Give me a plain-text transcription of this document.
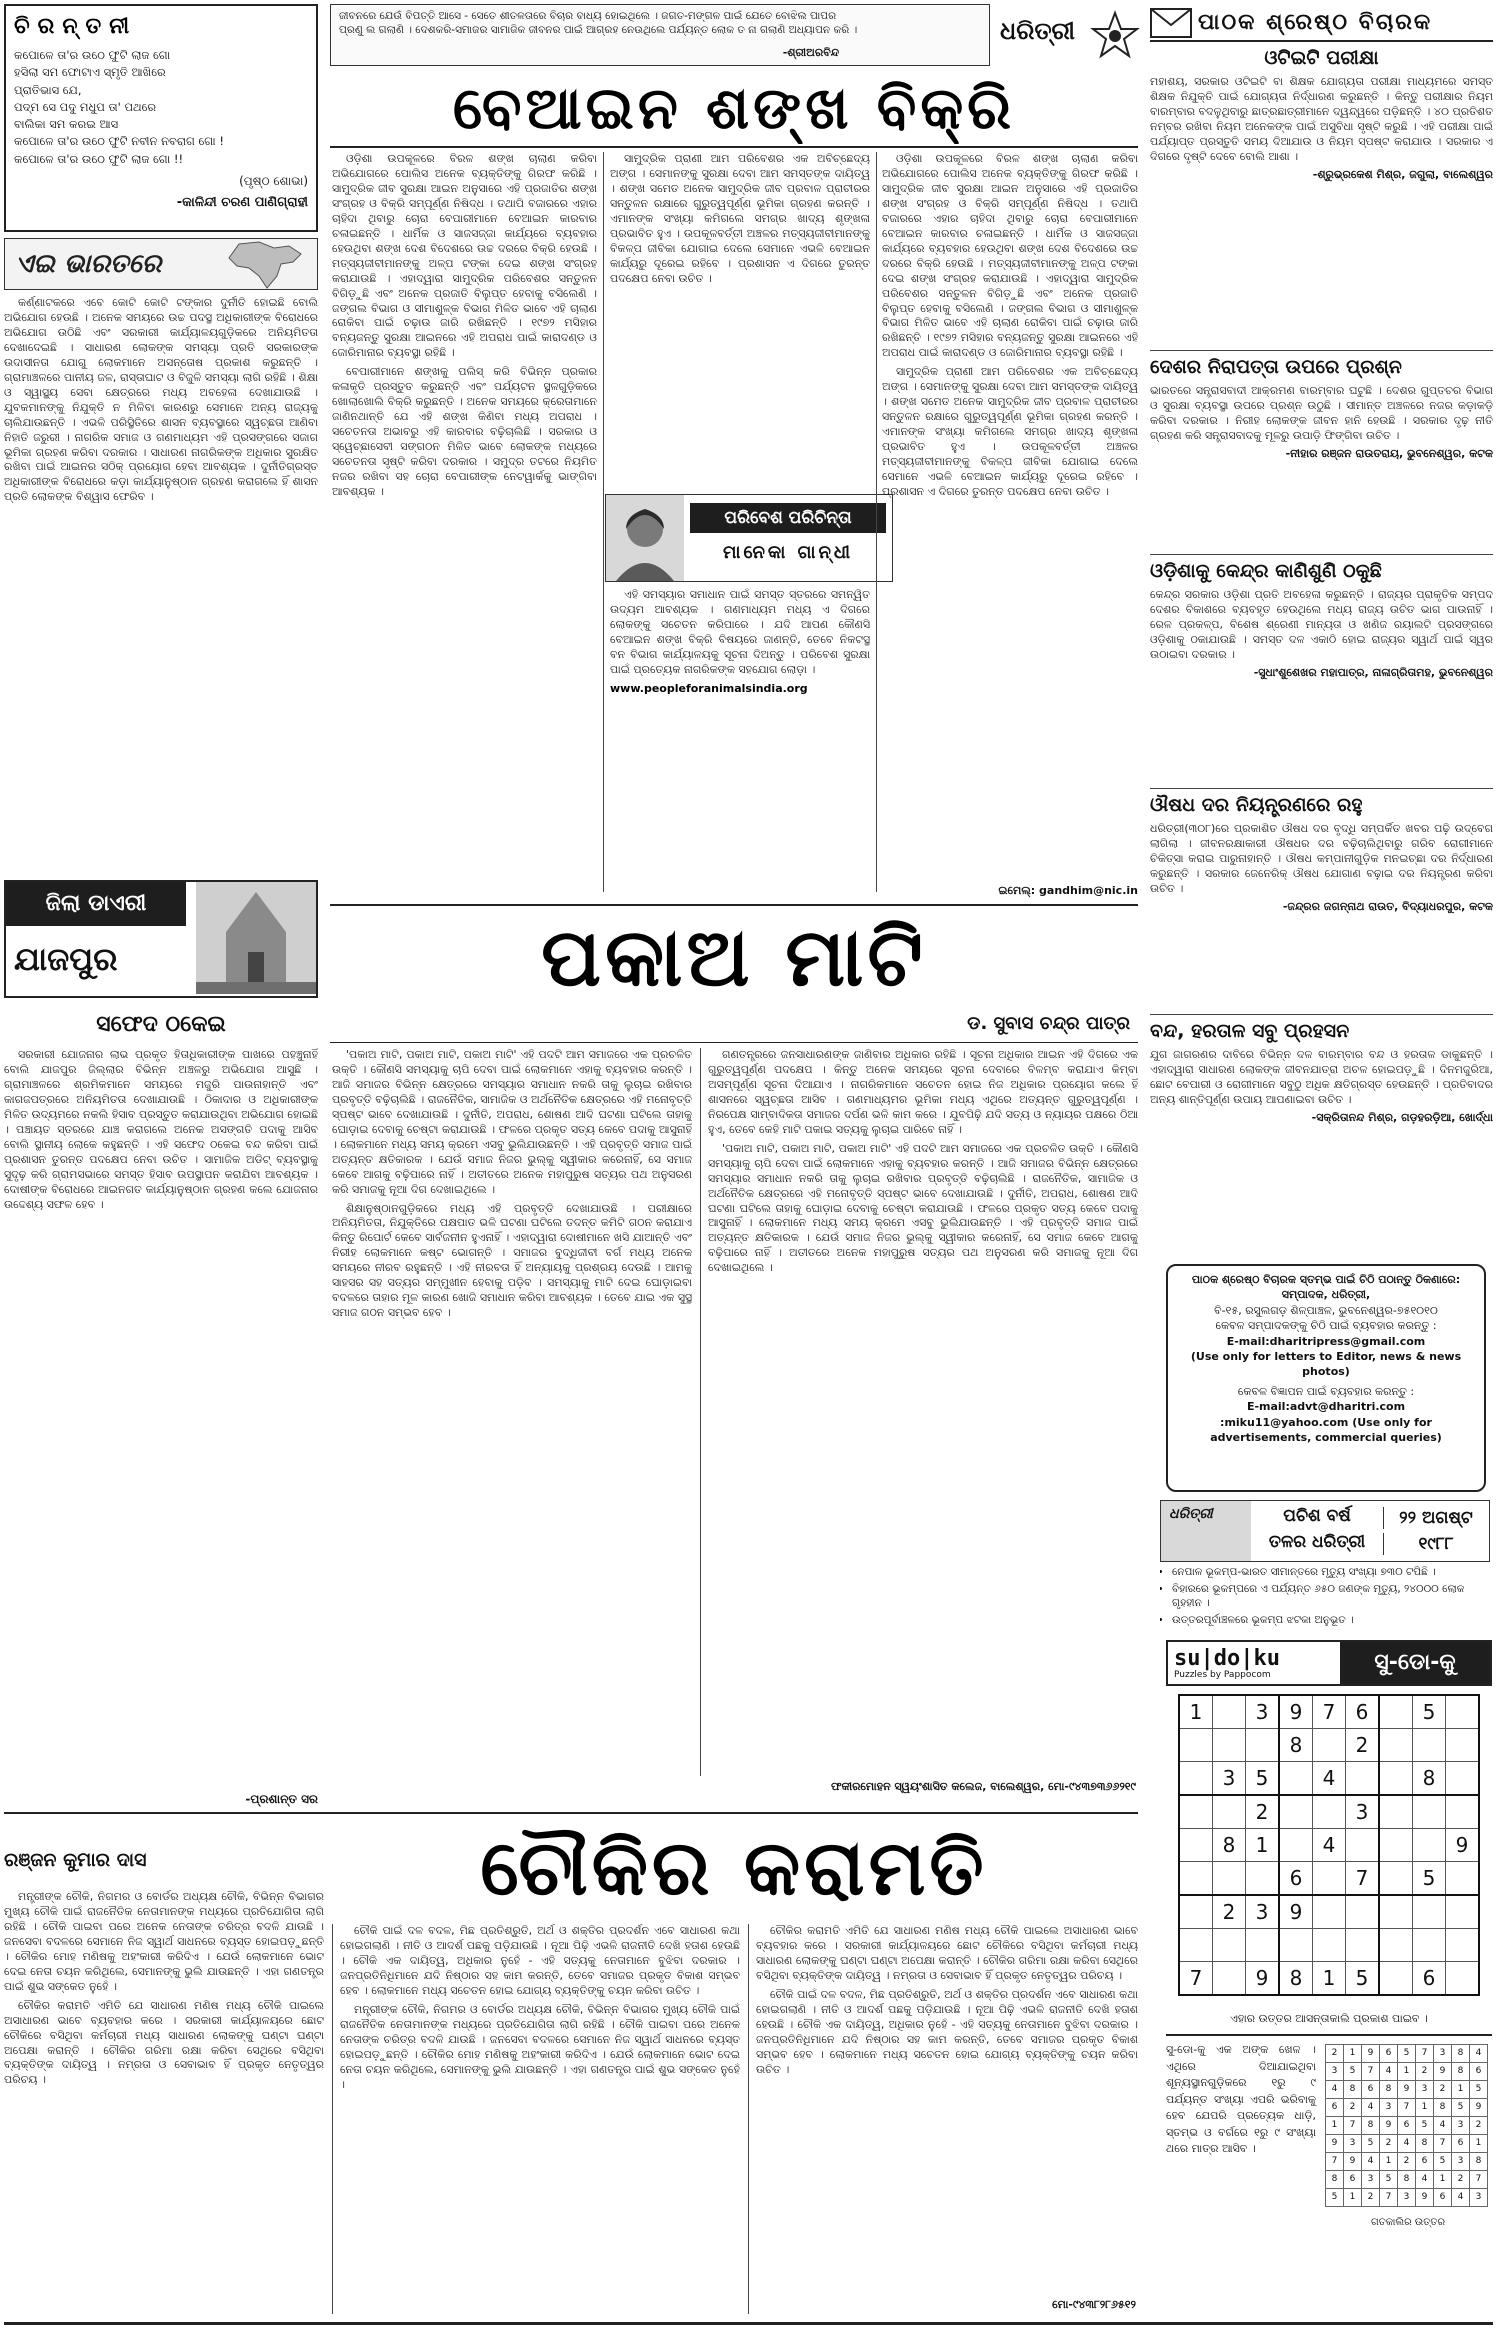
ଚିରନ୍ତନୀ
କପୋଳେ ତା'ର ଉଠେ ଫୁଟି ଲାଜ ଗୋ
ହସିଲା ସମ ଫୋଟାଏ ସ୍ମୃତି ଆଖିରେ
ପ୍ରାତିଭାସ ଯେ,
ପଦ୍ମ ସେ ପଦୁ ମଧୁପ ତା' ପଥରେ
ବାଲିକା ସମ କରଇ ଆସ
କପୋଳେ ତା'ର ଉଠେ ଫୁଟି ନବୀନ ନବରାଗ ଗୋ !
କପୋଳେ ତା'ର ଉଠେ ଫୁଟି ଲାଜ ଗୋ !!
(ପୃଷ୍ଠ ଶୋଭା)
-କାଳିନ୍ଦୀ ଚରଣ ପାଣିଗ୍ରାହୀ
ଏଇ ଭାରତରେ

କର୍ଣ୍ଣାଟକରେ ଏବେ କୋଟି କୋଟି ଟଙ୍କାର ଦୁର୍ନୀତି ହୋଇଛି ବୋଲି ଅଭିଯୋଗ ହେଉଛି । ଅନେକ ସମୟରେ ଉଚ୍ଚ ପଦସ୍ଥ ଅଧିକାରୀଙ୍କ ବିରୋଧରେ ଅଭିଯୋଗ ଉଠିଛି ଏବଂ ସରକାରୀ କାର୍ଯ୍ୟାଳୟଗୁଡ଼ିକରେ ଅନିୟମିତତା ଦେଖାଦେଇଛି । ସାଧାରଣ ଲୋକଙ୍କ ସମସ୍ୟା ପ୍ରତି ସରକାରଙ୍କ ଉଦାସୀନତା ଯୋଗୁ ଲୋକମାନେ ଅସନ୍ତୋଷ ପ୍ରକାଶ କରୁଛନ୍ତି । ଗ୍ରାମାଞ୍ଚଳରେ ପାନୀୟ ଜଳ, ରାସ୍ତାଘାଟ ଓ ବିଜୁଳି ସମସ୍ୟା ଲାଗି ରହିଛି । ଶିକ୍ଷା ଓ ସ୍ୱାସ୍ଥ୍ୟ ସେବା କ୍ଷେତ୍ରରେ ମଧ୍ୟ ଅବହେଳା ଦେଖାଯାଉଛି । ଯୁବକମାନଙ୍କୁ ନିଯୁକ୍ତି ନ ମିଳିବା କାରଣରୁ ସେମାନେ ଅନ୍ୟ ରାଜ୍ୟକୁ ଚାଲିଯାଉଛନ୍ତି । ଏଭଳି ପରିସ୍ଥିତିରେ ଶାସନ ବ୍ୟବସ୍ଥାରେ ସ୍ୱଚ୍ଛତା ଆଣିବା ନିହାତି ଜରୁରୀ । ନାଗରିକ ସମାଜ ଓ ଗଣମାଧ୍ୟମ ଏହି ପ୍ରସଙ୍ଗରେ ସଜାଗ ଭୂମିକା ଗ୍ରହଣ କରିବା ଦରକାର । ସାଧାରଣ ନାଗରିକଙ୍କ ଅଧିକାର ସୁରକ୍ଷିତ ରଖିବା ପାଇଁ ଆଇନର ସଠିକ୍ ପ୍ରୟୋଗ ହେବା ଆବଶ୍ୟକ । ଦୁର୍ନୀତିଗ୍ରସ୍ତ ଅଧିକାରୀଙ୍କ ବିରୋଧରେ କଡ଼ା କାର୍ଯ୍ୟାନୁଷ୍ଠାନ ଗ୍ରହଣ କରାଗଲେ ହିଁ ଶାସନ ପ୍ରତି ଲୋକଙ୍କ ବିଶ୍ୱାସ ଫେରିବ ।

ଜିଲା ଡାଏରୀ
ଯାଜପୁର
ସଫେଦ ଠକେଇ

ସରକାରୀ ଯୋଜନାର ଲାଭ ପ୍ରକୃତ ହିତାଧିକାରୀଙ୍କ ପାଖରେ ପହଞ୍ଚୁନାହିଁ ବୋଲି ଯାଜପୁର ଜିଲ୍ଲାର ବିଭିନ୍ନ ଅଞ୍ଚଳରୁ ଅଭିଯୋଗ ଆସୁଛି । ଗ୍ରାମାଞ୍ଚଳରେ ଶ୍ରମିକମାନେ ସମୟରେ ମଜୁରି ପାଉନାହାନ୍ତି ଏବଂ କାଗଜପତ୍ରରେ ଅନିୟମିତତା ଦେଖାଯାଉଛି । ଠିକାଦାର ଓ ଅଧିକାରୀଙ୍କ ମିଳିତ ଉଦ୍ୟମରେ ନକଲି ହିସାବ ପ୍ରସ୍ତୁତ କରାଯାଉଥିବା ଅଭିଯୋଗ ହୋଇଛି । ପଞ୍ଚାୟତ ସ୍ତରରେ ଯାଞ୍ଚ କରାଗଲେ ଅନେକ ଅସଙ୍ଗତି ପଦାକୁ ଆସିବ ବୋଲି ସ୍ଥାନୀୟ ଲୋକେ କହୁଛନ୍ତି । ଏହି ସଫେଦ ଠକେଇ ବନ୍ଦ କରିବା ପାଇଁ ପ୍ରଶାସନ ତୁରନ୍ତ ପଦକ୍ଷେପ ନେବା ଉଚିତ । ସାମାଜିକ ଅଡିଟ୍ ବ୍ୟବସ୍ଥାକୁ ସୁଦୃଢ଼ କରି ଗ୍ରାମସଭାରେ ସମସ୍ତ ହିସାବ ଉପସ୍ଥାପନ କରାଯିବା ଆବଶ୍ୟକ । ଦୋଷୀଙ୍କ ବିରୋଧରେ ଆଇନଗତ କାର୍ଯ୍ୟାନୁଷ୍ଠାନ ଗ୍ରହଣ କଲେ ଯୋଜନାର ଉଦ୍ଦେଶ୍ୟ ସଫଳ ହେବ ।

-ପ୍ରଶାନ୍ତ ସର
ଜୀବନରେ ଯେଉଁ ବିପତ୍ତି ଆସେ - ସେତେ ଶୀତଳତାରେ ବିଚାର ବାଧ୍ୟ ହୋଇଥିଲେ । ଜଗତ-ମଙ୍ଗଳ ପାଇଁ ଯେତେ ବୋଝିଲ ପାପର ପ୍ରଣୁ ଲ ଗଲାଣି । ଦେଶକରି-ସମାଜର ସାମାଜିକ ଜୀବନର ପାଇଁ ଆଗ୍ରହ ନେଉଥିଲେ ପର୍ଯ୍ୟନ୍ତ ଲୋକ ତ ନା ଗଲାଣି ଅଧ୍ୟାପନ କରି ।
-ଶ୍ରୀଅରବିନ୍ଦ
ଧରିତ୍ରୀ
ବେଆଇନ ଶଙ୍ଖ ବିକ୍ରି

ଓଡ଼ିଶା ଉପକୂଳରେ ବିରଳ ଶଙ୍ଖ ଚାଲାଣ କରିବା ଅଭିଯୋଗରେ ପୋଲିସ ଅନେକ ବ୍ୟକ୍ତିଙ୍କୁ ଗିରଫ କରିଛି । ସାମୁଦ୍ରିକ ଜୀବ ସୁରକ୍ଷା ଆଇନ ଅନୁସାରେ ଏହି ପ୍ରଜାତିର ଶଙ୍ଖ ସଂଗ୍ରହ ଓ ବିକ୍ରି ସମ୍ପୂର୍ଣ୍ଣ ନିଷିଦ୍ଧ । ତଥାପି ବଜାରରେ ଏହାର ଚାହିଦା ଥିବାରୁ ଚୋରା ବେପାରୀମାନେ ବେଆଇନ କାରବାର ଚଳାଇଛନ୍ତି । ଧାର୍ମିକ ଓ ସାଜସଜ୍ଜା କାର୍ଯ୍ୟରେ ବ୍ୟବହାର ହେଉଥିବା ଶଙ୍ଖ ଦେଶ ବିଦେଶରେ ଉଚ୍ଚ ଦରରେ ବିକ୍ରି ହେଉଛି । ମତ୍ସ୍ୟଜୀବୀମାନଙ୍କୁ ଅଳ୍ପ ଟଙ୍କା ଦେଇ ଶଙ୍ଖ ସଂଗ୍ରହ କରାଯାଉଛି । ଏହାଦ୍ୱାରା ସାମୁଦ୍ରିକ ପରିବେଶର ସନ୍ତୁଳନ ବିଗିଡ଼ୁଛି ଏବଂ ଅନେକ ପ୍ରଜାତି ବିଲୁପ୍ତ ହେବାକୁ ବସିଲେଣି । ଜଙ୍ଗଲ ବିଭାଗ ଓ ସୀମାଶୁଳ୍କ ବିଭାଗ ମିଳିତ ଭାବେ ଏହି ଚାଲାଣ ରୋକିବା ପାଇଁ ଚଢ଼ାଉ ଜାରି ରଖିଛନ୍ତି । ୧୯୭୨ ମସିହାର ବନ୍ୟଜନ୍ତୁ ସୁରକ୍ଷା ଆଇନରେ ଏହି ଅପରାଧ ପାଇଁ କାରାଦଣ୍ଡ ଓ ଜୋରିମାନାର ବ୍ୟବସ୍ଥା ରହିଛି ।

ବେପାରୀମାନେ ଶଙ୍ଖକୁ ପଲିସ୍ କରି ବିଭିନ୍ନ ପ୍ରକାର କଳାକୃତି ପ୍ରସ୍ତୁତ କରୁଛନ୍ତି ଏବଂ ପର୍ଯ୍ୟଟନ ସ୍ଥଳଗୁଡ଼ିକରେ ଖୋଲାଖୋଲି ବିକ୍ରି କରୁଛନ୍ତି । ଅନେକ ସମୟରେ କ୍ରେତାମାନେ ଜାଣିନଥାନ୍ତି ଯେ ଏହି ଶଙ୍ଖ କିଣିବା ମଧ୍ୟ ଅପରାଧ । ସଚେତନତା ଅଭାବରୁ ଏହି କାରବାର ବଢ଼ିଚାଲିଛି । ସରକାର ଓ ସ୍ୱେଚ୍ଛାସେବୀ ସଙ୍ଗଠନ ମିଳିତ ଭାବେ ଲୋକଙ୍କ ମଧ୍ୟରେ ସଚେତନତା ସୃଷ୍ଟି କରିବା ଦରକାର । ସମୁଦ୍ର ତଟରେ ନିୟମିତ ନଜର ରଖିବା ସହ ଚୋରା ବେପାରୀଙ୍କ ନେଟୱାର୍କକୁ ଭାଙ୍ଗିବା ଆବଶ୍ୟକ ।

ସାମୁଦ୍ରିକ ପ୍ରାଣୀ ଆମ ପରିବେଶର ଏକ ଅବିଚ୍ଛେଦ୍ୟ ଅଙ୍ଗ । ସେମାନଙ୍କୁ ସୁରକ୍ଷା ଦେବା ଆମ ସମସ୍ତଙ୍କ ଦାୟିତ୍ୱ । ଶଙ୍ଖ ସମେତ ଅନେକ ସାମୁଦ୍ରିକ ଜୀବ ପ୍ରବାଳ ପ୍ରାଚୀରର ସନ୍ତୁଳନ ରକ୍ଷାରେ ଗୁରୁତ୍ୱପୂର୍ଣ୍ଣ ଭୂମିକା ଗ୍ରହଣ କରନ୍ତି । ଏମାନଙ୍କ ସଂଖ୍ୟା କମିଗଲେ ସମଗ୍ର ଖାଦ୍ୟ ଶୃଙ୍ଖଳା ପ୍ରଭାବିତ ହୁଏ । ଉପକୂଳବର୍ତ୍ତୀ ଅଞ୍ଚଳର ମତ୍ସ୍ୟଜୀବୀମାନଙ୍କୁ ବିକଳ୍ପ ଜୀବିକା ଯୋଗାଇ ଦେଲେ ସେମାନେ ଏଭଳି ବେଆଇନ କାର୍ଯ୍ୟରୁ ଦୂରେଇ ରହିବେ । ପ୍ରଶାସନ ଏ ଦିଗରେ ତୁରନ୍ତ ପଦକ୍ଷେପ ନେବା ଉଚିତ ।

ପରିବେଶ ପରିଚିନ୍ତା
ମାନେକା ଗାନ୍ଧୀ

ଏହି ସମସ୍ୟାର ସମାଧାନ ପାଇଁ ସମସ୍ତ ସ୍ତରରେ ସମନ୍ୱିତ ଉଦ୍ୟମ ଆବଶ୍ୟକ । ଗଣମାଧ୍ୟମ ମଧ୍ୟ ଏ ଦିଗରେ ଲୋକଙ୍କୁ ସଚେତନ କରିପାରେ । ଯଦି ଆପଣ କୌଣସି ବେଆଇନ ଶଙ୍ଖ ବିକ୍ରି ବିଷୟରେ ଜାଣନ୍ତି, ତେବେ ନିକଟସ୍ଥ ବନ ବିଭାଗ କାର୍ଯ୍ୟାଳୟକୁ ସୂଚନା ଦିଅନ୍ତୁ । ପରିବେଶ ସୁରକ୍ଷା ପାଇଁ ପ୍ରତ୍ୟେକ ନାଗରିକଙ୍କ ସହଯୋଗ ଲୋଡ଼ା ।

www.peopleforanimalsindia.org

ଓଡ଼ିଶା ଉପକୂଳରେ ବିରଳ ଶଙ୍ଖ ଚାଲାଣ କରିବା ଅଭିଯୋଗରେ ପୋଲିସ ଅନେକ ବ୍ୟକ୍ତିଙ୍କୁ ଗିରଫ କରିଛି । ସାମୁଦ୍ରିକ ଜୀବ ସୁରକ୍ଷା ଆଇନ ଅନୁସାରେ ଏହି ପ୍ରଜାତିର ଶଙ୍ଖ ସଂଗ୍ରହ ଓ ବିକ୍ରି ସମ୍ପୂର୍ଣ୍ଣ ନିଷିଦ୍ଧ । ତଥାପି ବଜାରରେ ଏହାର ଚାହିଦା ଥିବାରୁ ଚୋରା ବେପାରୀମାନେ ବେଆଇନ କାରବାର ଚଳାଇଛନ୍ତି । ଧାର୍ମିକ ଓ ସାଜସଜ୍ଜା କାର୍ଯ୍ୟରେ ବ୍ୟବହାର ହେଉଥିବା ଶଙ୍ଖ ଦେଶ ବିଦେଶରେ ଉଚ୍ଚ ଦରରେ ବିକ୍ରି ହେଉଛି । ମତ୍ସ୍ୟଜୀବୀମାନଙ୍କୁ ଅଳ୍ପ ଟଙ୍କା ଦେଇ ଶଙ୍ଖ ସଂଗ୍ରହ କରାଯାଉଛି । ଏହାଦ୍ୱାରା ସାମୁଦ୍ରିକ ପରିବେଶର ସନ୍ତୁଳନ ବିଗିଡ଼ୁଛି ଏବଂ ଅନେକ ପ୍ରଜାତି ବିଲୁପ୍ତ ହେବାକୁ ବସିଲେଣି । ଜଙ୍ଗଲ ବିଭାଗ ଓ ସୀମାଶୁଳ୍କ ବିଭାଗ ମିଳିତ ଭାବେ ଏହି ଚାଲାଣ ରୋକିବା ପାଇଁ ଚଢ଼ାଉ ଜାରି ରଖିଛନ୍ତି । ୧୯୭୨ ମସିହାର ବନ୍ୟଜନ୍ତୁ ସୁରକ୍ଷା ଆଇନରେ ଏହି ଅପରାଧ ପାଇଁ କାରାଦଣ୍ଡ ଓ ଜୋରିମାନାର ବ୍ୟବସ୍ଥା ରହିଛି ।

ସାମୁଦ୍ରିକ ପ୍ରାଣୀ ଆମ ପରିବେଶର ଏକ ଅବିଚ୍ଛେଦ୍ୟ ଅଙ୍ଗ । ସେମାନଙ୍କୁ ସୁରକ୍ଷା ଦେବା ଆମ ସମସ୍ତଙ୍କ ଦାୟିତ୍ୱ । ଶଙ୍ଖ ସମେତ ଅନେକ ସାମୁଦ୍ରିକ ଜୀବ ପ୍ରବାଳ ପ୍ରାଚୀରର ସନ୍ତୁଳନ ରକ୍ଷାରେ ଗୁରୁତ୍ୱପୂର୍ଣ୍ଣ ଭୂମିକା ଗ୍ରହଣ କରନ୍ତି । ଏମାନଙ୍କ ସଂଖ୍ୟା କମିଗଲେ ସମଗ୍ର ଖାଦ୍ୟ ଶୃଙ୍ଖଳା ପ୍ରଭାବିତ ହୁଏ । ଉପକୂଳବର୍ତ୍ତୀ ଅଞ୍ଚଳର ମତ୍ସ୍ୟଜୀବୀମାନଙ୍କୁ ବିକଳ୍ପ ଜୀବିକା ଯୋଗାଇ ଦେଲେ ସେମାନେ ଏଭଳି ବେଆଇନ କାର୍ଯ୍ୟରୁ ଦୂରେଇ ରହିବେ । ପ୍ରଶାସନ ଏ ଦିଗରେ ତୁରନ୍ତ ପଦକ୍ଷେପ ନେବା ଉଚିତ ।

ଇମେଲ୍: gandhim@nic.in
ପକାଅ ମାଟି
ଡ. ସୁବାସ ଚନ୍ଦ୍ର ପାତ୍ର

'ପକାଅ ମାଟି, ପକାଅ ମାଟି, ପକାଅ ମାଟି' ଏହି ପଦଟି ଆମ ସମାଜରେ ଏକ ପ୍ରଚଳିତ ଉକ୍ତି । କୌଣସି ସମସ୍ୟାକୁ ଚାପି ଦେବା ପାଇଁ ଲୋକମାନେ ଏହାକୁ ବ୍ୟବହାର କରନ୍ତି । ଆଜି ସମାଜର ବିଭିନ୍ନ କ୍ଷେତ୍ରରେ ସମସ୍ୟାର ସମାଧାନ ନକରି ତାକୁ ଲୁଚାଇ ରଖିବାର ପ୍ରବୃତ୍ତି ବଢ଼ିଚାଲିଛି । ରାଜନୈତିକ, ସାମାଜିକ ଓ ଅର୍ଥନୈତିକ କ୍ଷେତ୍ରରେ ଏହି ମନୋବୃତ୍ତି ସ୍ପଷ୍ଟ ଭାବେ ଦେଖାଯାଉଛି । ଦୁର୍ନୀତି, ଅପରାଧ, ଶୋଷଣ ଆଦି ଘଟଣା ଘଟିଲେ ତାହାକୁ ଘୋଡ଼ାଇ ଦେବାକୁ ଚେଷ୍ଟା କରାଯାଉଛି । ଫଳରେ ପ୍ରକୃତ ସତ୍ୟ କେବେ ପଦାକୁ ଆସୁନାହିଁ । ଲୋକମାନେ ମଧ୍ୟ ସମୟ କ୍ରମେ ଏସବୁ ଭୁଲିଯାଉଛନ୍ତି । ଏହି ପ୍ରବୃତ୍ତି ସମାଜ ପାଇଁ ଅତ୍ୟନ୍ତ କ୍ଷତିକାରକ । ଯେଉଁ ସମାଜ ନିଜର ଭୁଲ୍‌କୁ ସ୍ୱୀକାର କରେନାହିଁ, ସେ ସମାଜ କେବେ ଆଗକୁ ବଢ଼ିପାରେ ନାହିଁ । ଅତୀତରେ ଅନେକ ମହାପୁରୁଷ ସତ୍ୟର ପଥ ଅନୁସରଣ କରି ସମାଜକୁ ନୂଆ ଦିଗ ଦେଖାଇଥିଲେ ।

ଶିକ୍ଷାନୁଷ୍ଠାନଗୁଡ଼ିକରେ ମଧ୍ୟ ଏହି ପ୍ରବୃତ୍ତି ଦେଖାଯାଉଛି । ପରୀକ୍ଷାରେ ଅନିୟମିତତା, ନିଯୁକ୍ତିରେ ପକ୍ଷପାତ ଭଳି ଘଟଣା ଘଟିଲେ ତଦନ୍ତ କମିଟି ଗଠନ କରାଯାଏ କିନ୍ତୁ ରିପୋର୍ଟ କେବେ ସାର୍ବଜନୀନ ହୁଏନାହିଁ । ଏହାଦ୍ୱାରା ଦୋଷୀମାନେ ଖସି ଯାଆନ୍ତି ଏବଂ ନିରୀହ ଲୋକମାନେ କଷ୍ଟ ଭୋଗନ୍ତି । ସମାଜର ବୁଦ୍ଧିଜୀବୀ ବର୍ଗ ମଧ୍ୟ ଅନେକ ସମୟରେ ନୀରବ ରହୁଛନ୍ତି । ଏହି ନୀରବତା ହିଁ ଅନ୍ୟାୟକୁ ପ୍ରଶ୍ରୟ ଦେଉଛି । ଆମକୁ ସାହସର ସହ ସତ୍ୟର ସମ୍ମୁଖୀନ ହେବାକୁ ପଡ଼ିବ । ସମସ୍ୟାକୁ ମାଟି ଦେଇ ଘୋଡ଼ାଇବା ବଦଳରେ ତାହାର ମୂଳ କାରଣ ଖୋଜି ସମାଧାନ କରିବା ଆବଶ୍ୟକ । ତେବେ ଯାଇ ଏକ ସୁସ୍ଥ ସମାଜ ଗଠନ ସମ୍ଭବ ହେବ ।

ଗଣତନ୍ତ୍ରରେ ଜନସାଧାରଣଙ୍କ ଜାଣିବାର ଅଧିକାର ରହିଛି । ସୂଚନା ଅଧିକାର ଆଇନ ଏହି ଦିଗରେ ଏକ ଗୁରୁତ୍ୱପୂର୍ଣ୍ଣ ପଦକ୍ଷେପ । କିନ୍ତୁ ଅନେକ ସମୟରେ ସୂଚନା ଦେବାରେ ବିଳମ୍ବ କରାଯାଏ କିମ୍ବା ଅସମ୍ପୂର୍ଣ୍ଣ ସୂଚନା ଦିଆଯାଏ । ନାଗରିକମାନେ ସଚେତନ ହୋଇ ନିଜ ଅଧିକାର ପ୍ରୟୋଗ କଲେ ହିଁ ଶାସନରେ ସ୍ୱଚ୍ଛତା ଆସିବ । ଗଣମାଧ୍ୟମର ଭୂମିକା ମଧ୍ୟ ଏଥିରେ ଅତ୍ୟନ୍ତ ଗୁରୁତ୍ୱପୂର୍ଣ୍ଣ । ନିରପେକ୍ଷ ସାମ୍ବାଦିକତା ସମାଜର ଦର୍ପଣ ଭଳି କାମ କରେ । ଯୁବପିଢ଼ି ଯଦି ସତ୍ୟ ଓ ନ୍ୟାୟର ପକ୍ଷରେ ଠିଆ ହୁଏ, ତେବେ କେହି ମାଟି ପକାଇ ସତ୍ୟକୁ ଲୁଚାଇ ପାରିବେ ନାହିଁ ।

'ପକାଅ ମାଟି, ପକାଅ ମାଟି, ପକାଅ ମାଟି' ଏହି ପଦଟି ଆମ ସମାଜରେ ଏକ ପ୍ରଚଳିତ ଉକ୍ତି । କୌଣସି ସମସ୍ୟାକୁ ଚାପି ଦେବା ପାଇଁ ଲୋକମାନେ ଏହାକୁ ବ୍ୟବହାର କରନ୍ତି । ଆଜି ସମାଜର ବିଭିନ୍ନ କ୍ଷେତ୍ରରେ ସମସ୍ୟାର ସମାଧାନ ନକରି ତାକୁ ଲୁଚାଇ ରଖିବାର ପ୍ରବୃତ୍ତି ବଢ଼ିଚାଲିଛି । ରାଜନୈତିକ, ସାମାଜିକ ଓ ଅର୍ଥନୈତିକ କ୍ଷେତ୍ରରେ ଏହି ମନୋବୃତ୍ତି ସ୍ପଷ୍ଟ ଭାବେ ଦେଖାଯାଉଛି । ଦୁର୍ନୀତି, ଅପରାଧ, ଶୋଷଣ ଆଦି ଘଟଣା ଘଟିଲେ ତାହାକୁ ଘୋଡ଼ାଇ ଦେବାକୁ ଚେଷ୍ଟା କରାଯାଉଛି । ଫଳରେ ପ୍ରକୃତ ସତ୍ୟ କେବେ ପଦାକୁ ଆସୁନାହିଁ । ଲୋକମାନେ ମଧ୍ୟ ସମୟ କ୍ରମେ ଏସବୁ ଭୁଲିଯାଉଛନ୍ତି । ଏହି ପ୍ରବୃତ୍ତି ସମାଜ ପାଇଁ ଅତ୍ୟନ୍ତ କ୍ଷତିକାରକ । ଯେଉଁ ସମାଜ ନିଜର ଭୁଲ୍‌କୁ ସ୍ୱୀକାର କରେନାହିଁ, ସେ ସମାଜ କେବେ ଆଗକୁ ବଢ଼ିପାରେ ନାହିଁ । ଅତୀତରେ ଅନେକ ମହାପୁରୁଷ ସତ୍ୟର ପଥ ଅନୁସରଣ କରି ସମାଜକୁ ନୂଆ ଦିଗ ଦେଖାଇଥିଲେ ।

ଫକୀରମୋହନ ସ୍ୱୟଂଶାସିତ କଲେଜ, ବାଲେଶ୍ୱର, ମୋ-୯୪୩୭୩୬୬୨୧୯
ଚୌକିର କରାମତି
ରଞ୍ଜନ କୁମାର ଦାସ

ମନ୍ତ୍ରୀଙ୍କ ଚୌକି, ନିଗମର ଓ ବୋର୍ଡର ଅଧ୍ୟକ୍ଷ ଚୌକି, ବିଭିନ୍ନ ବିଭାଗର ମୁଖ୍ୟ ଚୌକି ପାଇଁ ରାଜନୈତିକ ନେତାମାନଙ୍କ ମଧ୍ୟରେ ପ୍ରତିଯୋଗିତା ଲାଗି ରହିଛି । ଚୌକି ପାଇବା ପରେ ଅନେକ ନେତାଙ୍କ ଚରିତ୍ର ବଦଳି ଯାଉଛି । ଜନସେବା ବଦଳରେ ସେମାନେ ନିଜ ସ୍ୱାର୍ଥ ସାଧନରେ ବ୍ୟସ୍ତ ହୋଇପଡ଼ୁଛନ୍ତି । ଚୌକିର ମୋହ ମଣିଷକୁ ଅହଂକାରୀ କରିଦିଏ । ଯେଉଁ ଲୋକମାନେ ଭୋଟ ଦେଇ ନେତା ଚୟନ କରିଥିଲେ, ସେମାନଙ୍କୁ ଭୁଲି ଯାଉଛନ୍ତି । ଏହା ଗଣତନ୍ତ୍ର ପାଇଁ ଶୁଭ ସଙ୍କେତ ନୁହେଁ ।

ଚୌକିର କରାମତି ଏମିତି ଯେ ସାଧାରଣ ମଣିଷ ମଧ୍ୟ ଚୌକି ପାଇଲେ ଅସାଧାରଣ ଭାବେ ବ୍ୟବହାର କରେ । ସରକାରୀ କାର୍ଯ୍ୟାଳୟରେ ଛୋଟ ଚୌକିରେ ବସିଥିବା କର୍ମଚାରୀ ମଧ୍ୟ ସାଧାରଣ ଲୋକଙ୍କୁ ଘଣ୍ଟା ଘଣ୍ଟା ଅପେକ୍ଷା କରାନ୍ତି । ଚୌକିର ଗରିମା ରକ୍ଷା କରିବା ସେଥିରେ ବସିଥିବା ବ୍ୟକ୍ତିଙ୍କ ଦାୟିତ୍ୱ । ନମ୍ରତା ଓ ସେବାଭାବ ହିଁ ପ୍ରକୃତ ନେତୃତ୍ୱର ପରିଚୟ ।

ଚୌକି ପାଇଁ ଦଳ ବଦଳ, ମିଛ ପ୍ରତିଶ୍ରୁତି, ଅର୍ଥ ଓ ଶକ୍ତିର ପ୍ରଦର୍ଶନ ଏବେ ସାଧାରଣ କଥା ହୋଇଗଲାଣି । ନୀତି ଓ ଆଦର୍ଶ ପଛକୁ ପଡ଼ିଯାଉଛି । ନୂଆ ପିଢ଼ି ଏଭଳି ରାଜନୀତି ଦେଖି ହତାଶ ହେଉଛି । ଚୌକି ଏକ ଦାୟିତ୍ୱ, ଅଧିକାର ନୁହେଁ - ଏହି ସତ୍ୟକୁ ନେତାମାନେ ବୁଝିବା ଦରକାର । ଜନପ୍ରତିନିଧିମାନେ ଯଦି ନିଷ୍ଠାର ସହ କାମ କରନ୍ତି, ତେବେ ସମାଜର ପ୍ରକୃତ ବିକାଶ ସମ୍ଭବ ହେବ । ଲୋକମାନେ ମଧ୍ୟ ସଚେତନ ହୋଇ ଯୋଗ୍ୟ ବ୍ୟକ୍ତିଙ୍କୁ ଚୟନ କରିବା ଉଚିତ ।

ମନ୍ତ୍ରୀଙ୍କ ଚୌକି, ନିଗମର ଓ ବୋର୍ଡର ଅଧ୍ୟକ୍ଷ ଚୌକି, ବିଭିନ୍ନ ବିଭାଗର ମୁଖ୍ୟ ଚୌକି ପାଇଁ ରାଜନୈତିକ ନେତାମାନଙ୍କ ମଧ୍ୟରେ ପ୍ରତିଯୋଗିତା ଲାଗି ରହିଛି । ଚୌକି ପାଇବା ପରେ ଅନେକ ନେତାଙ୍କ ଚରିତ୍ର ବଦଳି ଯାଉଛି । ଜନସେବା ବଦଳରେ ସେମାନେ ନିଜ ସ୍ୱାର୍ଥ ସାଧନରେ ବ୍ୟସ୍ତ ହୋଇପଡ଼ୁଛନ୍ତି । ଚୌକିର ମୋହ ମଣିଷକୁ ଅହଂକାରୀ କରିଦିଏ । ଯେଉଁ ଲୋକମାନେ ଭୋଟ ଦେଇ ନେତା ଚୟନ କରିଥିଲେ, ସେମାନଙ୍କୁ ଭୁଲି ଯାଉଛନ୍ତି । ଏହା ଗଣତନ୍ତ୍ର ପାଇଁ ଶୁଭ ସଙ୍କେତ ନୁହେଁ ।

ଚୌକିର କରାମତି ଏମିତି ଯେ ସାଧାରଣ ମଣିଷ ମଧ୍ୟ ଚୌକି ପାଇଲେ ଅସାଧାରଣ ଭାବେ ବ୍ୟବହାର କରେ । ସରକାରୀ କାର୍ଯ୍ୟାଳୟରେ ଛୋଟ ଚୌକିରେ ବସିଥିବା କର୍ମଚାରୀ ମଧ୍ୟ ସାଧାରଣ ଲୋକଙ୍କୁ ଘଣ୍ଟା ଘଣ୍ଟା ଅପେକ୍ଷା କରାନ୍ତି । ଚୌକିର ଗରିମା ରକ୍ଷା କରିବା ସେଥିରେ ବସିଥିବା ବ୍ୟକ୍ତିଙ୍କ ଦାୟିତ୍ୱ । ନମ୍ରତା ଓ ସେବାଭାବ ହିଁ ପ୍ରକୃତ ନେତୃତ୍ୱର ପରିଚୟ ।

ଚୌକି ପାଇଁ ଦଳ ବଦଳ, ମିଛ ପ୍ରତିଶ୍ରୁତି, ଅର୍ଥ ଓ ଶକ୍ତିର ପ୍ରଦର୍ଶନ ଏବେ ସାଧାରଣ କଥା ହୋଇଗଲାଣି । ନୀତି ଓ ଆଦର୍ଶ ପଛକୁ ପଡ଼ିଯାଉଛି । ନୂଆ ପିଢ଼ି ଏଭଳି ରାଜନୀତି ଦେଖି ହତାଶ ହେଉଛି । ଚୌକି ଏକ ଦାୟିତ୍ୱ, ଅଧିକାର ନୁହେଁ - ଏହି ସତ୍ୟକୁ ନେତାମାନେ ବୁଝିବା ଦରକାର । ଜନପ୍ରତିନିଧିମାନେ ଯଦି ନିଷ୍ଠାର ସହ କାମ କରନ୍ତି, ତେବେ ସମାଜର ପ୍ରକୃତ ବିକାଶ ସମ୍ଭବ ହେବ । ଲୋକମାନେ ମଧ୍ୟ ସଚେତନ ହୋଇ ଯୋଗ୍ୟ ବ୍ୟକ୍ତିଙ୍କୁ ଚୟନ କରିବା ଉଚିତ ।

ମୋ-୯୪୩୮୨୮୬୫୧୨
ପାଠକ ଶ୍ରେଷ୍ଠ ବିଚାରକ
ଓଟିଇଟି ପରୀକ୍ଷା
ମହାଶୟ, ସରକାର ଓଟିଇଟି ବା ଶିକ୍ଷକ ଯୋଗ୍ୟତା ପରୀକ୍ଷା ମାଧ୍ୟମରେ ସମସ୍ତ ଶିକ୍ଷକ ନିଯୁକ୍ତି ପାଇଁ ଯୋଗ୍ୟତା ନିର୍ଦ୍ଧାରଣ କରୁଛନ୍ତି । କିନ୍ତୁ ପରୀକ୍ଷାର ନିୟମ ବାରମ୍ବାର ବଦଳୁଥିବାରୁ ଛାତ୍ରଛାତ୍ରୀମାନେ ଦ୍ୱନ୍ଦ୍ୱରେ ପଡ଼ିଛନ୍ତି । ୪୦ ପ୍ରତିଶତ ନମ୍ବର ରଖିବା ନିୟମ ଅନେକଙ୍କ ପାଇଁ ଅସୁବିଧା ସୃଷ୍ଟି କରୁଛି । ଏହି ପରୀକ୍ଷା ପାଇଁ ପର୍ଯ୍ୟାପ୍ତ ପ୍ରସ୍ତୁତି ସମୟ ଦିଆଯାଉ ଓ ନିୟମ ସ୍ପଷ୍ଟ କରାଯାଉ । ସରକାର ଏ ଦିଗରେ ଦୃଷ୍ଟି ଦେବେ ବୋଲି ଆଶା ।
-ଶ୍ରୁଭ୍ରକେଶ ମିଶ୍ର, ଜଗୁଲା, ବାଲେଶ୍ୱର
ଦେଶର ନିରାପତ୍ତା ଉପରେ ପ୍ରଶ୍ନ
ଭାରତରେ ସନ୍ତ୍ରାସବାଦୀ ଆକ୍ରମଣ ବାରମ୍ବାର ଘଟୁଛି । ଦେଶର ଗୁପ୍ତଚର ବିଭାଗ ଓ ସୁରକ୍ଷା ବ୍ୟବସ୍ଥା ଉପରେ ପ୍ରଶ୍ନ ଉଠୁଛି । ସୀମାନ୍ତ ଅଞ୍ଚଳରେ ନଜର କଡ଼ାକଡ଼ି କରିବା ଦରକାର । ନିରୀହ ଲୋକଙ୍କ ଜୀବନ ହାନି ହେଉଛି । ସରକାର ଦୃଢ଼ ନୀତି ଗ୍ରହଣ କରି ସନ୍ତ୍ରାସବାଦକୁ ମୂଳରୁ ଉପାଡ଼ି ଫିଙ୍ଗିବା ଉଚିତ ।
-ନୀହାର ରଞ୍ଜନ ରାଉତରାୟ, ଭୁବନେଶ୍ୱର, କଟକ
ଓଡ଼ିଶାକୁ କେନ୍ଦ୍ର କାଣିଶୁଣି ଠକୁଛି
କେନ୍ଦ୍ର ସରକାର ଓଡ଼ିଶା ପ୍ରତି ଅବହେଳା କରୁଛନ୍ତି । ରାଜ୍ୟର ପ୍ରାକୃତିକ ସମ୍ପଦ ଦେଶର ବିକାଶରେ ବ୍ୟବହୃତ ହେଉଥିଲେ ମଧ୍ୟ ରାଜ୍ୟ ଉଚିତ ଭାଗ ପାଉନାହିଁ । ରେଳ ପ୍ରକଳ୍ପ, ବିଶେଷ ଶ୍ରେଣୀ ମାନ୍ୟତା ଓ ଖଣିଜ ରୟାଲଟି ପ୍ରସଙ୍ଗରେ ଓଡ଼ିଶାକୁ ଠକାଯାଉଛି । ସମସ୍ତ ଦଳ ଏକାଠି ହୋଇ ରାଜ୍ୟର ସ୍ୱାର୍ଥ ପାଇଁ ସ୍ୱର ଉଠାଇବା ଦରକାର ।
-ସୁଧାଂଶୁଶେଖର ମହାପାତ୍ର, ନାଳାଗ୍ରିତାମହ, ଭୁବନେଶ୍ୱର
ଔଷଧ ଦର ନିୟନ୍ତ୍ରଣରେ ରହୁ
ଧରିତ୍ରୀ(୩୦୮)ରେ ପ୍ରକାଶିତ ଔଷଧ ଦର ବୃଦ୍ଧି ସମ୍ପର୍କିତ ଖବର ପଢ଼ି ଉଦ୍‌ବେଗ ଲାଗିଲା । ଜୀବନରକ୍ଷାକାରୀ ଔଷଧର ଦର ବଢ଼ିଚାଲିଥିବାରୁ ଗରିବ ରୋଗୀମାନେ ଚିକିତ୍ସା କରାଇ ପାରୁନାହାନ୍ତି । ଔଷଧ କମ୍ପାନୀଗୁଡ଼ିକ ମନଇଚ୍ଛା ଦର ନିର୍ଦ୍ଧାରଣ କରୁଛନ୍ତି । ସରକାର ଜେନେରିକ୍ ଔଷଧ ଯୋଗାଣ ବଢ଼ାଇ ଦର ନିୟନ୍ତ୍ରଣ କରିବା ଉଚିତ ।
-ଜନ୍ଦ୍ରର ଜଗନ୍ନାଥ ରାଉତ, ବିଦ୍ୟାଧରପୁର, କଟକ
ବନ୍ଦ, ହରତାଳ ସବୁ ପ୍ରହସନ
ଯୁଗ ଜାଗରଣର ଦାବିରେ ବିଭିନ୍ନ ଦଳ ବାରମ୍ବାର ବନ୍ଦ ଓ ହରତାଳ ଡାକୁଛନ୍ତି । ଏହାଦ୍ୱାରା ସାଧାରଣ ଲୋକଙ୍କ ଜୀବନଯାତ୍ରା ଅଚଳ ହୋଇପଡ଼ୁଛି । ଦିନମଜୁରିଆ, ଛୋଟ ବେପାରୀ ଓ ରୋଗୀମାନେ ସବୁଠୁ ଅଧିକ କ୍ଷତିଗ୍ରସ୍ତ ହେଉଛନ୍ତି । ପ୍ରତିବାଦର ଅନ୍ୟ ଶାନ୍ତିପୂର୍ଣ୍ଣ ଉପାୟ ଆପଣାଇବା ଉଚିତ ।
-ସକ୍ରିତାନନ୍ଦ ମିଶ୍ର, ଗଡ଼ହରଡ଼ିଆ, ଖୋର୍ଦ୍ଧା
ପାଠକ ଶ୍ରେଷ୍ଠ ବିଚାରକ ସ୍ତମ୍ଭ ପାଇଁ ଚିଠି ପଠାନ୍ତୁ ଠିକଣାରେ:
ସମ୍ପାଦକ, ଧରିତ୍ରୀ,
ବି-୧୫, ରସୁଲଗଡ଼ ଶିଳ୍ପାଞ୍ଚଳ, ଭୁବନେଶ୍ୱର-୭୫୧୦୧୦
କେବଳ ସମ୍ପାଦକଙ୍କୁ ଚିଠି ପାଇଁ ବ୍ୟବହାର କରନ୍ତୁ :
E-mail:dharitripress@gmail.com
(Use only for letters to Editor, news & news photos)
କେବଳ ବିଜ୍ଞାପନ ପାଇଁ ବ୍ୟବହାର କରନ୍ତୁ :
E-mail:advt@dharitri.com
:miku11@yahoo.com (Use only for
advertisements, commercial queries)
ଧରିତ୍ରୀ	ପଚିଶ ବର୍ଷ
ତଳର ଧରିତ୍ରୀ
୨୨ ଅଗଷ୍ଟ
୧୯୮୮
• ନେପାଳ ଭୂକମ୍ପ-ଭାରତ ସୀମାନ୍ତରେ ମୃତ୍ୟୁ ସଂଖ୍ୟା ୭୩୦ ଟପିଛି ।
• ବିହାରରେ ଭୂକମ୍ପରେ ଏ ପର୍ଯ୍ୟନ୍ତ ୬୫୦ ଜଣଙ୍କ ମୃତ୍ୟୁ, ୨୪୦୦୦ ଲୋକ ଗୃହହୀନ ।
• ଉତ୍ତରପୂର୍ବାଞ୍ଚଳରେ ଭୂକମ୍ପ ଝଟକା ଅନୁଭୂତ ।
su|do|ku
Puzzles by Pappocom	ସୁ-ଡୋ-କୁ
1		3	9	7	6		5	
			8		2			
	3	5		4			8	
		2			3			
	8	1		4				9
			6		7		5	
	2	3	9					

7		9	8	1	5		6	
ଏହାର ଉତ୍ତର ଆସନ୍ତାକାଲି ପ୍ରକାଶ ପାଇବ ।
ସୁ-ଡୋ-କୁ ଏକ ଅଙ୍କ ଖେଳ । ଏଥିରେ ଦିଆଯାଇଥିବା ଶୂନ୍ୟସ୍ଥାନଗୁଡ଼ିକରେ ୧ରୁ ୯ ପର୍ଯ୍ୟନ୍ତ ସଂଖ୍ୟା ଏପରି ଭରିବାକୁ ହେବ ଯେପରି ପ୍ରତ୍ୟେକ ଧାଡ଼ି, ସ୍ତମ୍ଭ ଓ ବର୍ଗରେ ୧ରୁ ୯ ସଂଖ୍ୟା ଥରେ ମାତ୍ର ଆସିବ ।
2	1	9	6	5	7	3	8	4
3	5	7	4	1	2	9	8	6
4	8	6	8	9	3	2	1	5
6	2	4	3	7	1	8	5	9
1	7	8	9	6	5	4	3	2
9	3	5	2	4	8	7	6	1
7	9	4	1	2	6	5	3	8
8	6	3	5	8	4	1	2	7
5	1	2	7	3	9	6	4	3
ଗତକାଲିର ଉତ୍ତର
